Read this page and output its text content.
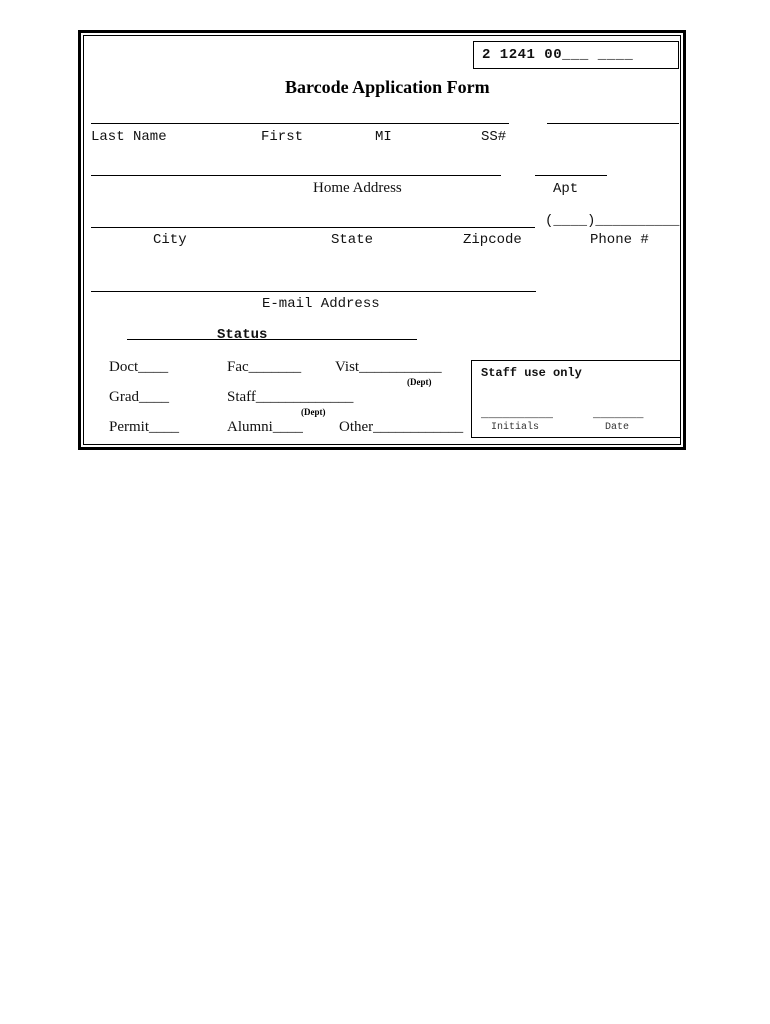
2 1241 00___ ____
Barcode Application Form
Last Name	First	MI	SS#
Home Address	Apt
(____)__________
City	State	Zipcode	Phone #
E-mail Address
Status
Doct____	Fac_______ Vist___________
(Dept)
Grad____	Staff_____________
(Dept)
Permit____	Alumni____ Other____________
Staff use only
__________	_______
Initials	Date
